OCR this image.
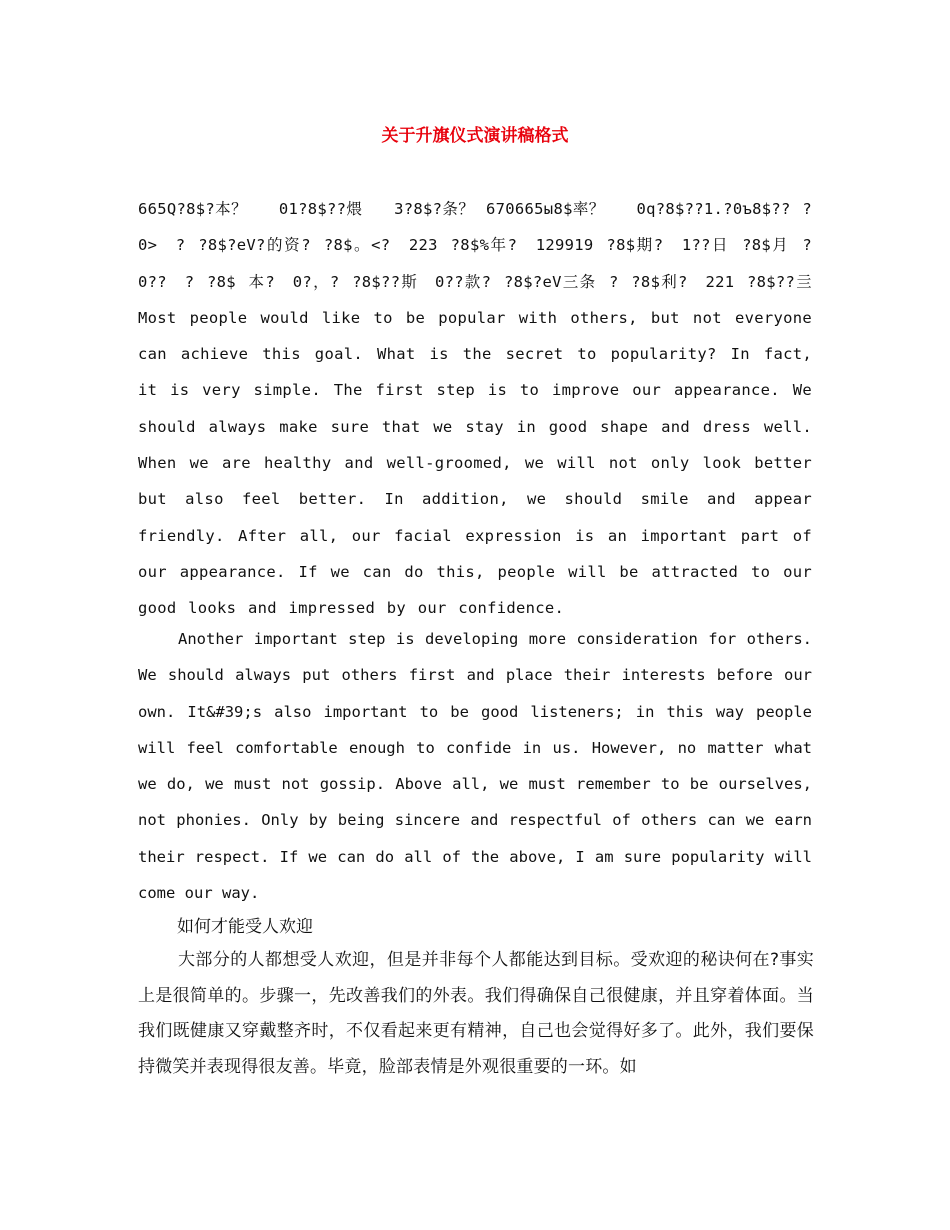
关于升旗仪式演讲稿格式

665Q?8$?本？　　01?8$??煨　　3?8$?条？ 670665ы8$率？　　0q?8$??1.?0ъ8$?? ?　0>　? ?8$?eV?的资? ?8$。<?　223 ?8$%年?　129919 ?8$期?　1??日 ?8$月 ?　0??　? ?8$ 本?　0?，? ?8$??斯　0??款? ?8$?eV三条 ? ?8$利?　221 ?8$??亖　　 Most people would like to be popular with others, but not everyone can achieve this goal. What is the secret to popularity? In fact, it is very simple. The first step is to improve our appearance. We should always make sure that we stay in good shape and dress well. When we are healthy and well-groomed, we will not only look better but also feel better. In addition, we should smile and appear friendly. After all, our facial expression is an important part of our appearance. If we can do this, people will be attracted to our good looks and impressed by our confidence.

Another important step is developing more consideration for others. We should always put others first and place their interests before our own. It&#39;s also important to be good listeners; in this way people will feel comfortable enough to confide in us. However, no matter what we do, we must not gossip. Above all, we must remember to be ourselves, not phonies. Only by being sincere and respectful of others can we earn their respect. If we can do all of the above, I am sure popularity will come our way.

如何才能受人欢迎

大部分的人都想受人欢迎，但是并非每个人都能达到目标。受欢迎的秘诀何在?事实上是很简单的。步骤一，先改善我们的外表。我们得确保自己很健康，并且穿着体面。当我们既健康又穿戴整齐时，不仅看起来更有精神，自己也会觉得好多了。此外，我们要保持微笑并表现得很友善。毕竟，脸部表情是外观很重要的一环。如
